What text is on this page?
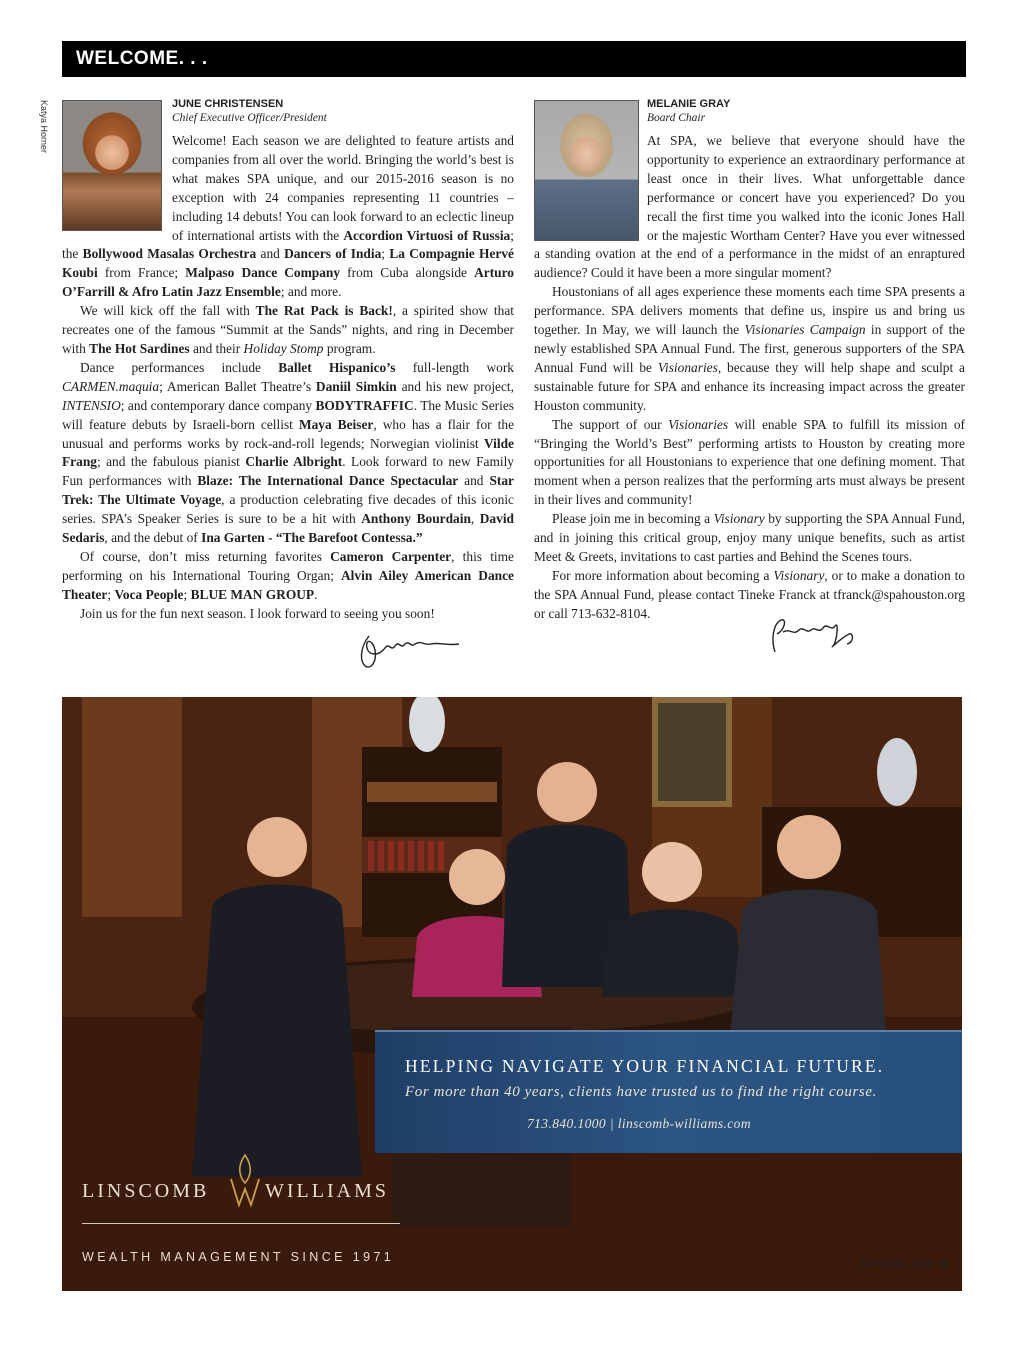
WELCOME. . .
Katya Horner	JUNE CHRISTENSEN
Chief Executive Officer/President

Welcome! Each season we are delighted to feature artists and companies from all over the world. Bringing the world’s best is what makes SPA unique, and our 2015-2016 season is no exception with 24 companies representing 11 countries – including 14 debuts! You can look forward to an eclectic lineup of international artists with the Accordion Virtuosi of Russia; the Bollywood Masalas Orchestra and Dancers of India; La Compagnie Hervé Koubi from France; Malpaso Dance Company from Cuba alongside Arturo O’Farrill & Afro Latin Jazz Ensemble; and more.

We will kick off the fall with The Rat Pack is Back!, a spirited show that recreates one of the famous “Summit at the Sands” nights, and ring in December with The Hot Sardines and their Holiday Stomp program.

Dance performances include Ballet Hispanico’s full-length work CARMEN.maquia; American Ballet Theatre’s Daniil Simkin and his new project, INTENSIO; and contemporary dance company BODYTRAFFIC. The Music Series will feature debuts by Israeli-born cellist Maya Beiser, who has a flair for the unusual and performs works by rock-and-roll legends; Norwegian violinist Vilde Frang; and the fabulous pianist Charlie Albright. Look forward to new Family Fun performances with Blaze: The International Dance Spectacular and Star Trek: The Ultimate Voyage, a production celebrating five decades of this iconic series. SPA’s Speaker Series is sure to be a hit with Anthony Bourdain, David Sedaris, and the debut of Ina Garten - “The Barefoot Contessa.”

Of course, don’t miss returning favorites Cameron Carpenter, this time performing on his International Touring Organ; Alvin Ailey American Dance Theater; Voca People; BLUE MAN GROUP.

Join us for the fun next season. I look forward to seeing you soon!

MELANIE GRAY
Board Chair

At SPA, we believe that everyone should have the opportunity to experience an extraordinary performance at least once in their lives. What unforgettable dance performance or concert have you experienced? Do you recall the first time you walked into the iconic Jones Hall or the majestic Wortham Center? Have you ever witnessed a standing ovation at the end of a performance in the midst of an enraptured audience? Could it have been a more singular moment?

Houstonians of all ages experience these moments each time SPA presents a performance. SPA delivers moments that define us, inspire us and bring us together. In May, we will launch the Visionaries Campaign in support of the newly established SPA Annual Fund. The first, generous supporters of the SPA Annual Fund will be Visionaries, because they will help shape and sculpt a sustainable future for SPA and enhance its increasing impact across the greater Houston community.

The support of our Visionaries will enable SPA to fulfill its mission of “Bringing the World’s Best” performing artists to Houston by creating more opportunities for all Houstonians to experience that one defining moment. That moment when a person realizes that the performing arts must always be present in their lives and community!

Please join me in becoming a Visionary by supporting the SPA Annual Fund, and in joining this critical group, enjoy many unique benefits, such as artist Meet & Greets, invitations to cast parties and Behind the Scenes tours.

For more information about becoming a Visionary, or to make a donation to the SPA Annual Fund, please contact Tineke Franck at tfranck@spahouston.org or call 713-632-8104.

HELPING NAVIGATE YOUR FINANCIAL FUTURE.
For more than 40 years, clients have trusted us to find the right course.
713.840.1000 | linscomb-williams.com
LINSCOMB	WILLIAMS
WEALTH MANAGEMENT SINCE 1971	SPRING 2015 9
